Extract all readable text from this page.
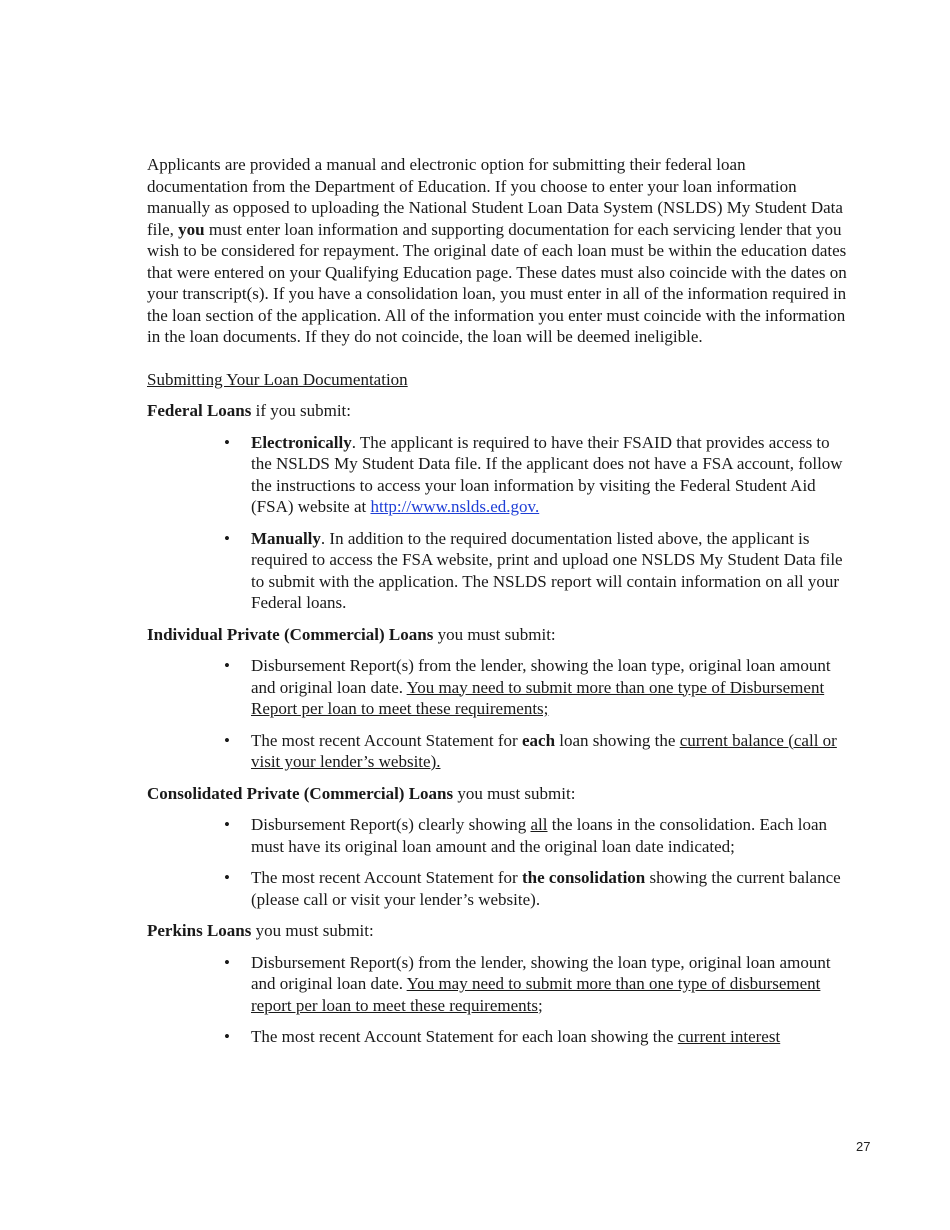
Applicants are provided a manual and electronic option for submitting their federal loan documentation from the Department of Education. If you choose to enter your loan information manually as opposed to uploading the National Student Loan Data System (NSLDS) My Student Data file, you must enter loan information and supporting documentation for each servicing lender that you wish to be considered for repayment. The original date of each loan must be within the education dates that were entered on your Qualifying Education page. These dates must also coincide with the dates on your transcript(s). If you have a consolidation loan, you must enter in all of the information required in the loan section of the application. All of the information you enter must coincide with the information in the loan documents. If they do not coincide, the loan will be deemed ineligible.

Submitting Your Loan Documentation

Federal Loans if you submit:

• Electronically. The applicant is required to have their FSAID that provides access to the NSLDS My Student Data file. If the applicant does not have a FSA account, follow the instructions to access your loan information by visiting the Federal Student Aid (FSA) website at http://www.nslds.ed.gov.
• Manually. In addition to the required documentation listed above, the applicant is required to access the FSA website, print and upload one NSLDS My Student Data file to submit with the application. The NSLDS report will contain information on all your Federal loans.

Individual Private (Commercial) Loans you must submit:

• Disbursement Report(s) from the lender, showing the loan type, original loan amount and original loan date. You may need to submit more than one type of Disbursement Report per loan to meet these requirements;
• The most recent Account Statement for each loan showing the current balance (call or visit your lender’s website).

Consolidated Private (Commercial) Loans you must submit:

• Disbursement Report(s) clearly showing all the loans in the consolidation. Each loan must have its original loan amount and the original loan date indicated;
• The most recent Account Statement for the consolidation showing the current balance (please call or visit your lender’s website).

Perkins Loans you must submit:

• Disbursement Report(s) from the lender, showing the loan type, original loan amount and original loan date. You may need to submit more than one type of disbursement report per loan to meet these requirements;
• The most recent Account Statement for each loan showing the current interest
27
